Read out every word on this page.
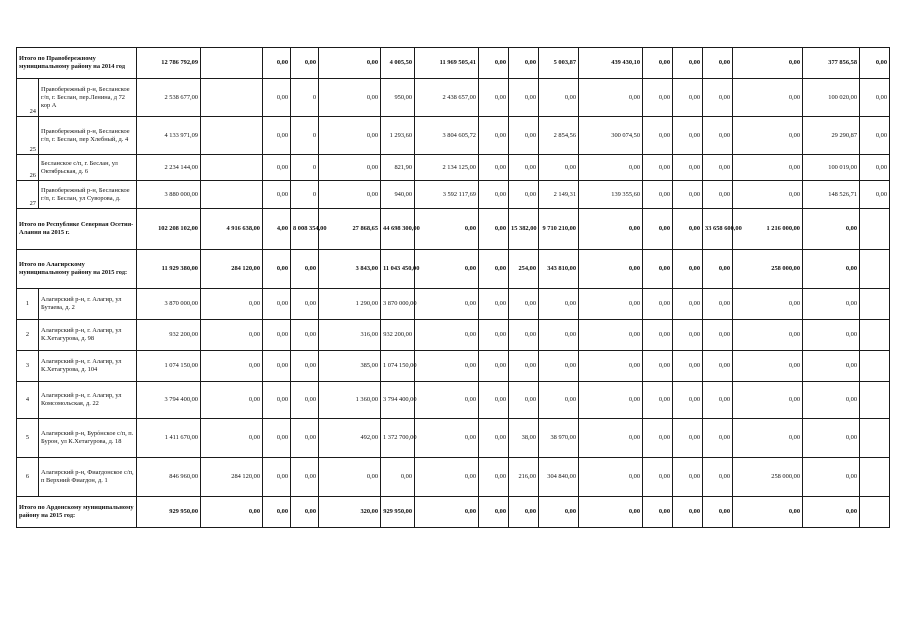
Итого по Правобережному муниципальному району на 2014 год		12 786 792,09		0,00	0,00	0,00	4 005,50	11 969 505,41	0,00	0,00	5 003,87	439 430,10	0,00	0,00	0,00	0,00	377 856,58	0,00
24	Правобережный р-н, Бесланское г/п, г. Беслан, пер.Ленина, д 72 кор А	2 538 677,00		0,00	0	0,00	950,00	2 438 657,00	0,00	0,00	0,00	0,00	0,00	0,00	0,00	0,00	100 020,00	0,00
25	Правобережный р-н, Бесланское г/п, г. Беслан, пер Хлебный, д. 4	4 133 971,09		0,00	0	0,00	1 293,60	3 804 605,72	0,00	0,00	2 854,56	300 074,50	0,00	0,00	0,00	0,00	29 290,87	0,00
26	Бесланское с/п, г. Беслан, ул Октябрьская, д. 6	2 234 144,00		0,00	0	0,00	821,90	2 134 125,00	0,00	0,00	0,00	0,00	0,00	0,00	0,00	0,00	100 019,00	0,00
27	Правобережный р-н, Бесланское г/п, г. Беслан, ул Суворова, д.	3 880 000,00		0,00	0	0,00	940,00	3 592 117,69	0,00	0,00	2 149,31	139 355,60	0,00	0,00	0,00	0,00	148 526,71	0,00
Итого по Республике Северная Осетия-Алания на 2015 г.		102 208 102,00	4 916 638,00	4,00	8 008 354,00	27 868,65	44 698 300,00	0,00	0,00	15 382,00	9 710 210,00	0,00	0,00	0,00	33 658 600,00	1 216 000,00	0,00	
Итого по Алагирскому муниципальному району на 2015 год:		11 929 380,00	284 120,00	0,00	0,00	3 843,00	11 043 450,00	0,00	0,00	254,00	343 810,00	0,00	0,00	0,00	0,00	258 000,00	0,00	
1	Алагирский р-н, г. Алагир, ул Бутаева, д. 2	3 870 000,00	0,00	0,00	0,00	1 290,00	3 870 000,00	0,00	0,00	0,00	0,00	0,00	0,00	0,00	0,00	0,00	0,00	
2	Алагирский р-н, г. Алагир, ул К.Хетагурова, д. 98	932 200,00	0,00	0,00	0,00	316,00	932 200,00	0,00	0,00	0,00	0,00	0,00	0,00	0,00	0,00	0,00	0,00	
3	Алагирский р-н, г. Алагир, ул К.Хетагурова, д. 104	1 074 150,00	0,00	0,00	0,00	385,00	1 074 150,00	0,00	0,00	0,00	0,00	0,00	0,00	0,00	0,00	0,00	0,00	
4	Алагирский р-н, г. Алагир, ул Комсомольская, д. 22	3 794 400,00	0,00	0,00	0,00	1 360,00	3 794 400,00	0,00	0,00	0,00	0,00	0,00	0,00	0,00	0,00	0,00	0,00	
5	Алагирский р-н, Бурόнское с/п, п. Бурон, ул К.Хетагурова, д. 18	1 411 670,00	0,00	0,00	0,00	492,00	1 372 700,00	0,00	0,00	38,00	38 970,00	0,00	0,00	0,00	0,00	0,00	0,00	
6	Алагирский р-н, Фиагдонское с/п, п Верхний Фиагдон, д. 1	846 960,00	284 120,00	0,00	0,00	0,00	0,00	0,00	0,00	216,00	304 840,00	0,00	0,00	0,00	0,00	258 000,00	0,00	
Итого по Ардонскому муниципальному району на 2015 год:		929 950,00	0,00	0,00	0,00	320,00	929 950,00	0,00	0,00	0,00	0,00	0,00	0,00	0,00	0,00	0,00	0,00	
